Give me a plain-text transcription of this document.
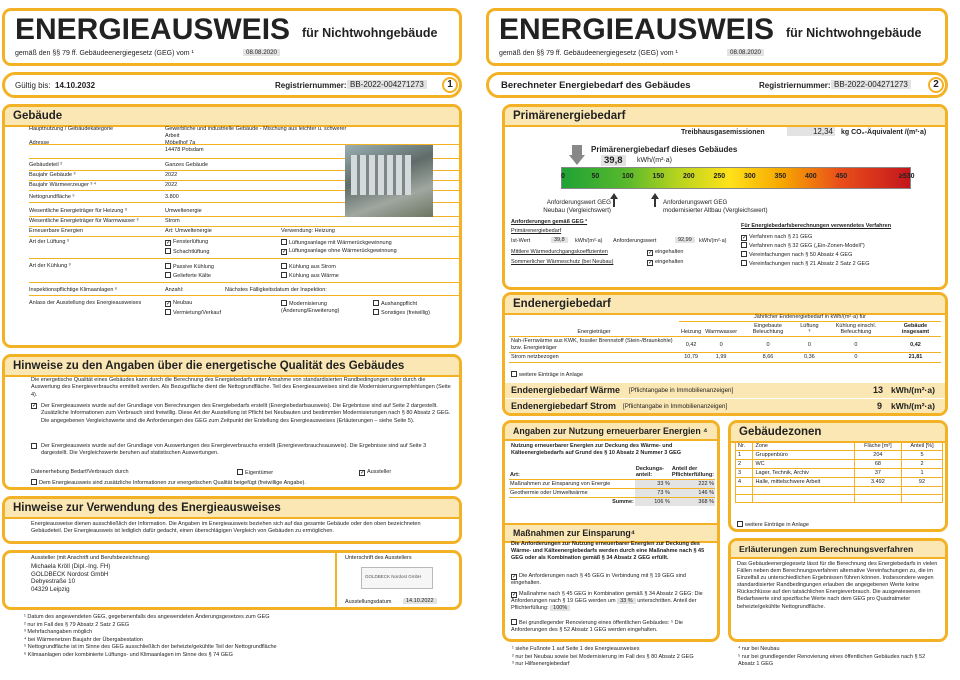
ENERGIEAUSWEIS für Nichtwohngebäude
gemäß den §§ 79 ff. Gebäudeenergiegesetz (GEG) vom ¹	08.08.2020
Gültig bis: 14.10.2032	Registriernummer: BB-2022-004271273	1
Gebäude
Hauptnutzung / Gebäudekategorie	Gewerbliche und industrielle Gebäude - Mischung aus leichter u. schwerer Arbeit
Adresse	Möbelhof 7a
14478 Potsdam
Gebäudeteil ²	Ganzes Gebäude
Baujahr Gebäude ³	2022
Baujahr Wärmeerzeuger ³ ⁴	2022
Nettogrundfläche ⁵	3.800
Wesentliche Energieträger für Heizung ³	Umweltenergie
Wesentliche Energieträger für Warmwasser ³	Strom
Erneuerbare Energien	Art: Umweltenergie	Verwendung: Heizung
Art der Lüftung ³	✓ Fensterlüftung
Schachtlüftung
Lüftungsanlage mit Wärmerückgewinnung
✓ Lüftungsanlage ohne Wärmerückgewinnung
Art der Kühlung ³	Passive Kühlung
Gelieferte Kälte
Kühlung aus Strom
Kühlung aus Wärme
Inspektionspflichtige Klimaanlagen ⁶	Anzahl:	Nächstes Fälligkeitsdatum der Inspektion:
Anlass der Ausstellung des Energieausweises	✓ Neubau
Vermietung/Verkauf
Modernisierung (Änderung/Erweiterung)
Aushangpflicht
Sonstiges (freiwillig)
Hinweise zu den Angaben über die energetische Qualität des Gebäudes
Die energetische Qualität eines Gebäudes kann durch die Berechnung des Energiebedarfs unter Annahme von standardisierten Randbedingungen oder durch die Auswertung des Energieverbrauchs ermittelt werden. Als Bezugsfläche dient die Nettogrundfläche. Teil des Energieausweises sind die Modernisierungsempfehlungen (Seite 4).
✓ Der Energieausweis wurde auf der Grundlage von Berechnungen des Energiebedarfs erstellt (Energiebedarfsausweis). Die Ergebnisse sind auf Seite 2 dargestellt. Zusätzliche Informationen zum Verbrauch sind freiwillig. Diese Art der Ausstellung ist Pflicht bei Neubauten und bestimmten Modernisierungen nach § 80 Absatz 2 GEG. Die angegebenen Vergleichswerte sind die Anforderungen des GEG zum Zeitpunkt der Erstellung des Energieausweises (Erläuterungen – siehe Seite 5).
Der Energieausweis wurde auf der Grundlage von Auswertungen des Energieverbrauchs erstellt (Energieverbrauchsausweis). Die Ergebnisse sind auf Seite 3 dargestellt. Die Vergleichswerte beruhen auf statistischen Auswertungen.
Datenerhebung Bedarf/Verbrauch durch	Eigentümer	✓ Aussteller
Dem Energieausweis sind zusätzliche Informationen zur energetischen Qualität beigefügt (freiwillige Angabe).
Hinweise zur Verwendung des Energieausweises
Energieausweise dienen ausschließlich der Information. Die Angaben im Energieausweis beziehen sich auf das gesamte Gebäude oder den oben bezeichneten Gebäudeteil. Der Energieausweis ist lediglich dafür gedacht, einen überschlägigen Vergleich von Gebäuden zu ermöglichen.
Aussteller (mit Anschrift und Berufsbezeichnung)
Michaela Kröll (Dipl.-Ing. FH)
GOLDBECK Nordost GmbH
Debyestraße 10
04329 Leipzig
Unterschrift des Ausstellers
GOLDBECK Nordost GmbH
Ausstellungsdatum	14.10.2022
¹ Datum des angewendeten GEG, gegebenenfalls des angewendeten Änderungsgesetzes zum GEG
² nur im Fall des § 79 Absatz 2 Satz 2 GEG
³ Mehrfachangaben möglich
⁴ bei Wärmenetzen Baujahr der Übergabestation
⁵ Nettogrundfläche ist im Sinne des GEG ausschließlich der beheizte/gekühlte Teil der Nettogrundfläche
⁶ Klimaanlagen oder kombinierte Lüftungs- und Klimaanlagen im Sinne des § 74 GEG
ENERGIEAUSWEIS für Nichtwohngebäude
gemäß den §§ 79 ff. Gebäudeenergiegesetz (GEG) vom ¹	08.08.2020
Berechneter Energiebedarf des Gebäudes	Registriernummer: BB-2022-004271273	2
Primärenergiebedarf
Treibhausgasemissionen	12,34 kg CO₂-Äquivalent /(m²·a)
Primärenergiebedarf dieses Gebäudes
39,8	kWh/(m²·a)
0	50	100	150	200	250	300	350	400	450	≥530
Anforderungswert GEG
Neubau (Vergleichswert)
Anforderungswert GEG
modernisierter Altbau (Vergleichswert)
Anforderungen gemäß GEG ²
Primärenergiebedarf
Ist-Wert	39,8	kWh/(m²·a) Anforderungswert	92,99	kWh/(m²·a)
Mittlere Wärmedurchgangskoeffizienten	✓ eingehalten
Sommerlicher Wärmeschutz (bei Neubau)	✓ eingehalten
Für Energiebedarfsberechnungen verwendetes Verfahren
✓ Verfahren nach § 21 GEG
Verfahren nach § 32 GEG („Ein-Zonen-Modell")
Vereinfachungen nach § 50 Absatz 4 GEG
Vereinfachungen nach § 21 Absatz 2 Satz 2 GEG
Endenergiebedarf
	Jährlicher Endenergiebedarf in kWh/(m²·a) für					
Energieträger	Heizung	Warmwasser	Eingebaute Beleuchtung	Lüftung ³	Kühlung einschl. Befeuchtung	Gebäude insgesamt
Nah-/Fernwärme aus KWK, fossiler Brennstoff (Stein-/Braunkohle) bzw. Energieträger	0,42	0	0	0	0	0,42
Strom netzbezogen	10,79	1,99	8,66	0,36	0	21,81
weitere Einträge in Anlage
Endenergiebedarf Wärme [Pflichtangabe in Immobilienanzeigen]	13 kWh/(m²·a)
Endenergiebedarf Strom [Pflichtangabe in Immobilienanzeigen]	9 kWh/(m²·a)
Angaben zur Nutzung erneuerbarer Energien ⁴
Nutzung erneuerbarer Energien zur Deckung des Wärme- und Kälteenergiebedarfs auf Grund des § 10 Absatz 2 Nummer 3 GEG
Art:	Deckungs-anteil:	Anteil der Pflichterfüllung:
Maßnahmen zur Einsparung von Energie	33 %	222 %
Geothermie oder Umweltwärme	73 %	146 %
Summe:	106 %	368 %
Maßnahmen zur Einsparung⁴
Die Anforderungen zur Nutzung erneuerbarer Energien zur Deckung des Wärme- und Kälteenergiebedarfs werden durch eine Maßnahme nach § 45 GEG oder als Kombination gemäß § 34 Absatz 2 GEG erfüllt.
✓ Die Anforderungen nach § 45 GEG in Verbindung mit § 19 GEG sind eingehalten.
✓ Maßnahme nach § 45 GEG in Kombination gemäß § 34 Absatz 2 GEG: Die Anforderungen nach § 19 GEG werden um 33 % unterschritten. Anteil der Pflichterfüllung: 100%
Bei grundlegender Renovierung eines öffentlichen Gebäudes: ⁵ Die Anforderungen des § 52 Absatz 1 GEG werden eingehalten.
Gebäudezonen
Nr.	Zone	Fläche [m²]	Anteil [%]
1	Gruppenbüro	204	5
2	WC	68	2
3	Lager, Technik, Archiv	37	1
4	Halle, mittelschwere Arbeit	3.492	92

weitere Einträge in Anlage
Erläuterungen zum Berechnungsverfahren
Das Gebäudeenergiegesetz lässt für die Berechnung des Energiebedarfs in vielen Fällen neben dem Berechnungsverfahren alternative Vereinfachungen zu, die im Einzelfall zu unterschiedlichen Ergebnissen führen können. Insbesondere wegen standardisierter Randbedingungen erlauben die angegebenen Werte keine Rückschlüsse auf den tatsächlichen Energieverbrauch. Die ausgewiesenen Bedarfswerte sind spezifische Werte nach dem GEG pro Quadratmeter beheizte/gekühlte Nettogrundfläche.
¹ siehe Fußnote 1 auf Seite 1 des Energieausweises
² nur bei Neubau sowie bei Modernisierung im Fall des § 80 Absatz 2 GEG
³ nur Hilfsenergiebedarf
⁴ nur bei Neubau
⁵ nur bei grundlegender Renovierung eines öffentlichen Gebäudes nach § 52 Absatz 1 GEG
